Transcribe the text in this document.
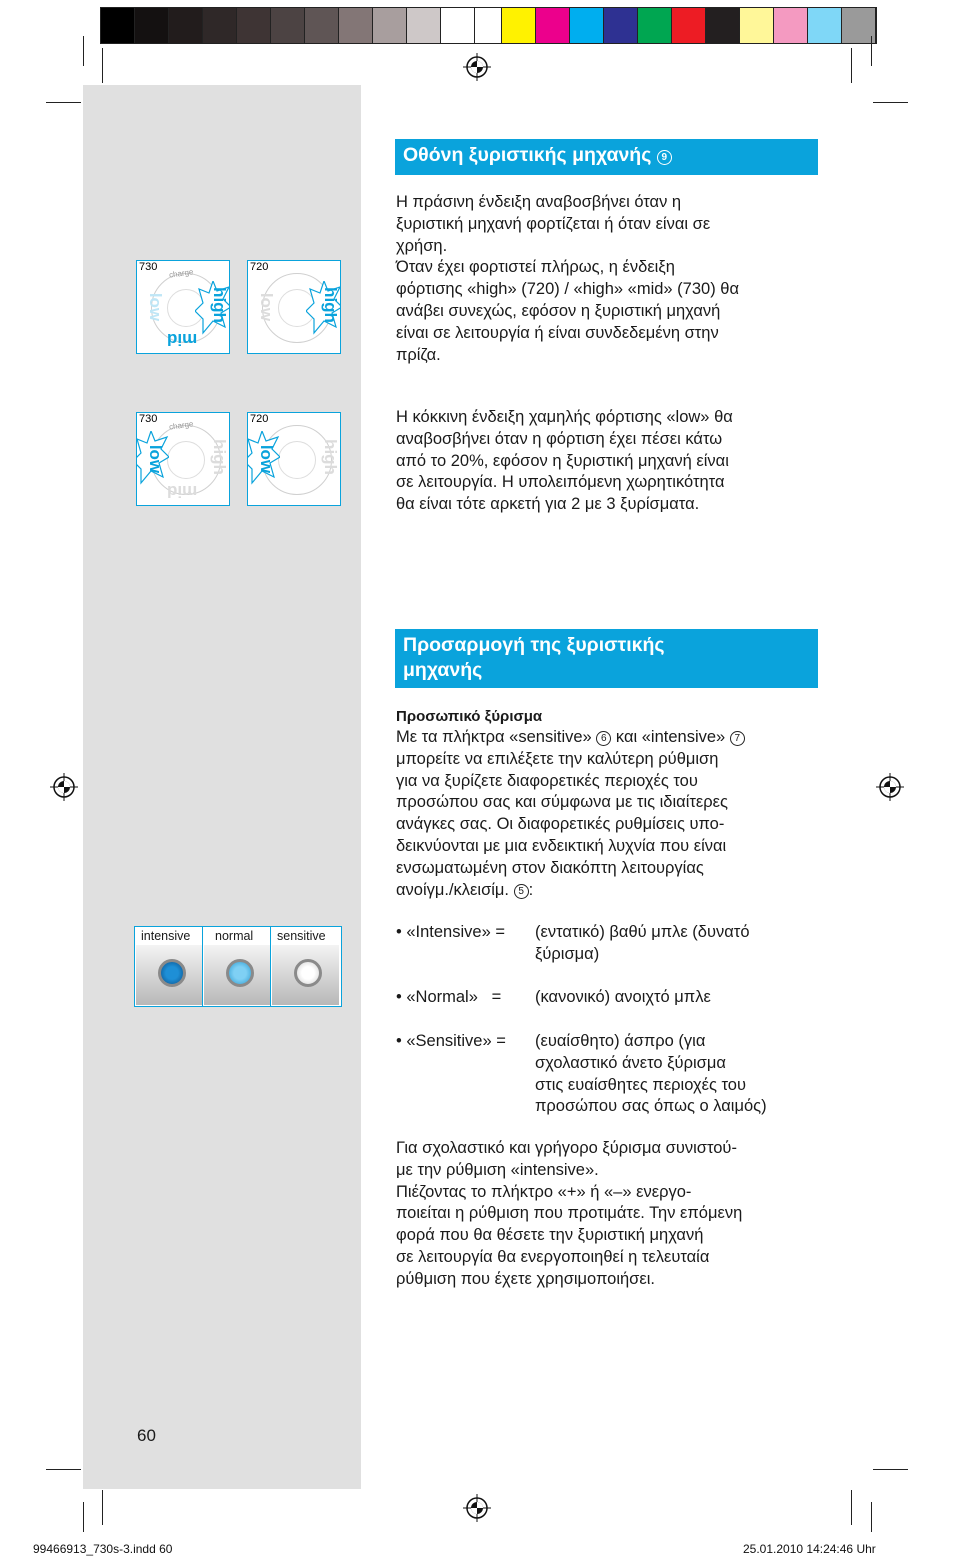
Οθόνη ξυριστικής μηχανής 9

Η πράσινη ένδειξη αναβοσβήνει όταν η

ξυριστική μηχανή φορτίζεται ή όταν είναι σε

χρήση.

Όταν έχει φορτιστεί πλήρως, η ένδειξη

φόρτισης «high» (720) / «high» «mid» (730) θα

ανάβει συνεχώς, εφόσον η ξυριστική μηχανή

είναι σε λειτουργία ή είναι συνδεδεμένη στην

πρίζα.

Η κόκκινη ένδειξη χαμηλής φόρτισης «low» θα

αναβοσβήνει όταν η φόρτιση έχει πέσει κάτω

από το 20%, εφόσον η ξυριστική μηχανή είναι

σε λειτουργία. Η υπολειπόμενη χωρητικότητα

θα είναι τότε αρκετή για 2 με 3 ξυρίσματα.

730
charge
low
mid
high
720
low	high
730
charge
low
mid
high
720
low	high
Προσαρμογή της ξυριστικής
μηχανής

Προσωπικό ξύρισμα

Με τα πλήκτρα «sensitive» 6 και «intensive» 7

μπορείτε να επιλέξετε την καλύτερη ρύθμιση

για να ξυρίζετε διαφορετικές περιοχές του

προσώπου σας και σύμφωνα με τις ιδιαίτερες

ανάγκες σας. Οι διαφορετικές ρυθμίσεις υπο-

δεικνύονται με μια ενδεικτική λυχνία που είναι

ενσωματωμένη στον διακόπτη λειτουργίας

ανοίγμ./κλεισίμ. 5 :

• «Intensive» = (εντατικό) βαθύ μπλε (δυνατό

ξύρισμα)

• «Normal»   = (κανονικό) ανοιχτό μπλε

• «Sensitive» = (ευαίσθητο) άσπρο (για

σχολαστικό άνετο ξύρισμα

στις ευαίσθητες περιοχές του

προσώπου σας όπως ο λαιμός)

Για σχολαστικό και γρήγορο ξύρισμα συνιστού-

με την ρύθμιση «intensive».

Πιέζοντας το πλήκτρο «+» ή «–» ενεργο-

ποιείται η ρύθμιση που προτιμάτε. Την επόμενη

φορά που θα θέσετε την ξυριστική μηχανή

σε λειτουργία θα ενεργοποιηθεί η τελευταία

ρύθμιση που έχετε χρησιμοποιήσει.

intensive normal sensitive
60
99466913_730s-3.indd 60	25.01.2010 14:24:46 Uhr
